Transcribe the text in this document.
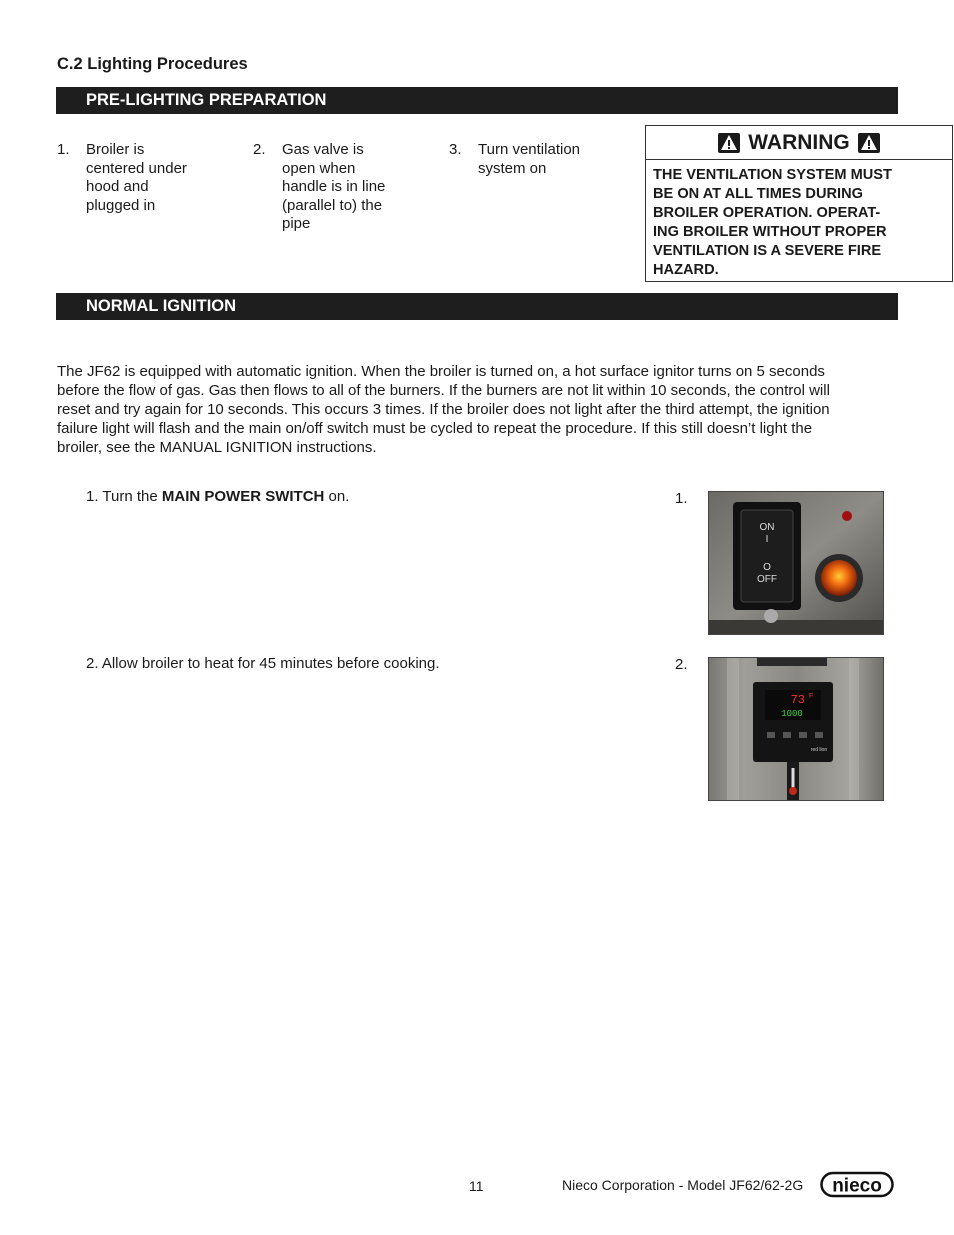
C.2 Lighting Procedures
PRE-LIGHTING PREPARATION
1. Broiler is
centered under
hood and
plugged in
2. Gas valve is
open when
handle is in line
(parallel to) the
pipe
3. Turn ventilation
system on
WARNING
THE VENTILATION SYSTEM MUST
BE ON AT ALL TIMES DURING
BROILER OPERATION. OPERAT-
ING BROILER WITHOUT PROPER
VENTILATION IS A SEVERE FIRE
HAZARD.
NORMAL IGNITION
The JF62 is equipped with automatic ignition. When the broiler is turned on, a hot surface ignitor turns on 5 seconds
before the flow of gas. Gas then flows to all of the burners. If the burners are not lit within 10 seconds, the control will
reset and try again for 10 seconds. This occurs 3 times. If the broiler does not light after the third attempt, the ignition
failure light will flash and the main on/off switch must be cycled to repeat the procedure. If this still doesn’t light the
broiler, see the MANUAL IGNITION instructions.
1. Turn the MAIN POWER SWITCH on.	1.
ON
I
O
OFF
2. Allow broiler to heat for 45 minutes before cooking.	2.
73 F
1000
red lion
11	Nieco Corporation - Model JF62/62-2G nieco
